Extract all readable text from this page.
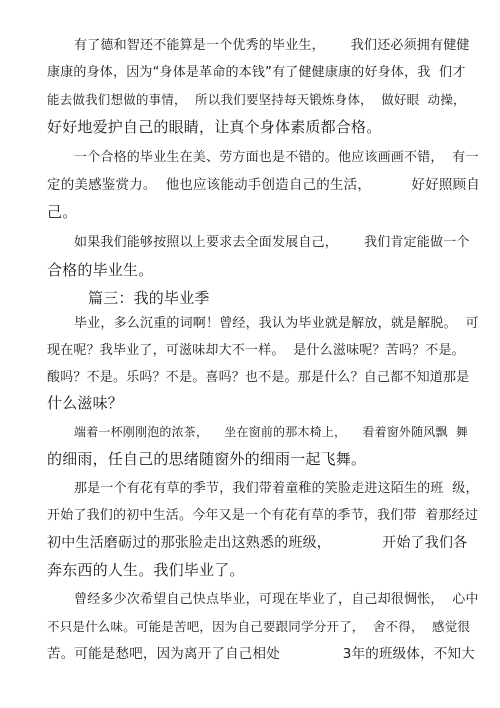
有了德和智还不能算是一个优秀的毕业生，      我们还必须拥有健健
康康的身体，因为“身体是革命的本钱”有了健健康康的好身体，我  们才
能去做我们想做的事情，  所以我们要坚持每天锻炼身体，  做好眼  动操，
好好地爱护自己的眼睛，让真个身体素质都合格。
一个合格的毕业生在美、劳方面也是不错的。他应该画画不错，  有一
定的美感鉴赏力。  他也应该能动手创造自己的生活，         好好照顾自
己。
如果我们能够按照以上要求去全面发展自己，      我们肯定能做一个
合格的毕业生。
篇三：我的毕业季
毕业，多么沉重的词啊！曾经，我认为毕业就是解放，就是解脱。  可
现在呢？我毕业了，可滋味却大不一样。  是什么滋味呢？苦吗？不是。
酸吗？不是。乐吗？不是。喜吗？也不是。那是什么？自己都不知道那是
什么滋味？
端着一杯刚刚泡的浓茶，    坐在窗前的那木椅上，    看着窗外随风飘  舞
的细雨，任自己的思绪随窗外的细雨一起飞舞。
那是一个有花有草的季节，我们带着童稚的笑脸走进这陌生的班  级，
开始了我们的初中生活。今年又是一个有花有草的季节，我们带  着那经过
初中生活磨砺过的那张脸走出这熟悉的班级，           开始了我们各
奔东西的人生。我们毕业了。
曾经多少次希望自己快点毕业，可现在毕业了，自己却很惆怅，  心中
不只是什么味。可能是苦吧，因为自己要跟同学分开了，  舍不得，  感觉很
苦。可能是愁吧，因为离开了自己相处              3年的班级体，不知大
